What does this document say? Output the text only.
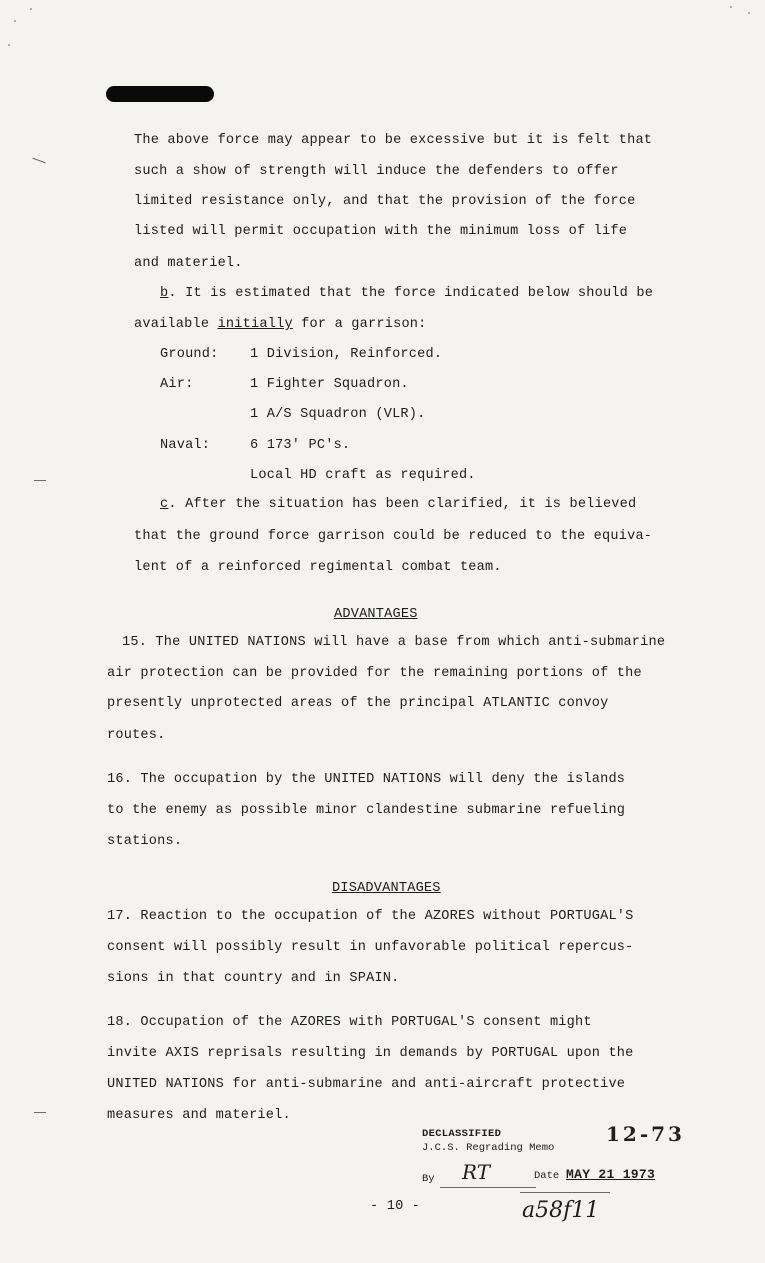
The above force may appear to be excessive but it is felt that
such a show of strength will induce the defenders to offer
limited resistance only, and that the provision of the force
listed will permit occupation with the minimum loss of life
and materiel.
b. It is estimated that the force indicated below should be
available initially for a garrison:
Ground: 1 Division, Reinforced.
Air:	1 Fighter Squadron.
1 A/S Squadron (VLR).
Naval:	6 173' PC's.
Local HD craft as required.
c. After the situation has been clarified, it is believed
that the ground force garrison could be reduced to the equiva-
lent of a reinforced regimental combat team.
ADVANTAGES
15. The UNITED NATIONS will have a base from which anti-submarine
air protection can be provided for the remaining portions of the
presently unprotected areas of the principal ATLANTIC convoy
routes.
16. The occupation by the UNITED NATIONS will deny the islands
to the enemy as possible minor clandestine submarine refueling
stations.
DISADVANTAGES
17. Reaction to the occupation of the AZORES without PORTUGAL'S
consent will possibly result in unfavorable political repercus-
sions in that country and in SPAIN.
18. Occupation of the AZORES with PORTUGAL'S consent might
invite AXIS reprisals resulting in demands by PORTUGAL upon the
UNITED NATIONS for anti-submarine and anti-aircraft protective
measures and materiel.
DECLASSIFIED
J.C.S. Regrading Memo
12-73
By RT	Date MAY 21 1973
- 10 -	a58f11
